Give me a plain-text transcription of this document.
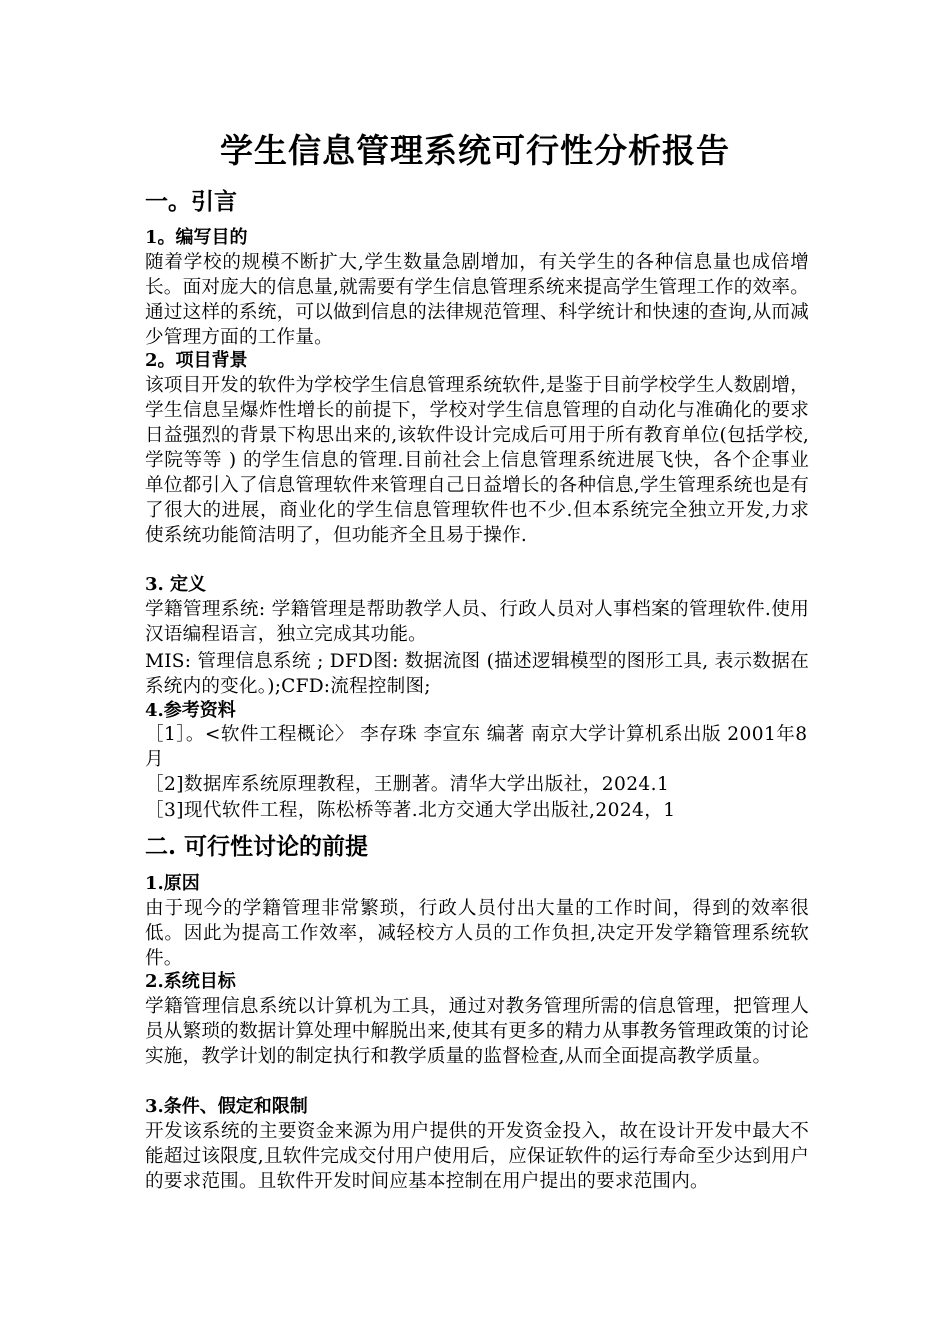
学生信息管理系统可行性分析报告
一。引言
1。编写目的

随着学校的规模不断扩大,学生数量急剧增加，有关学生的各种信息量也成倍增长。面对庞大的信息量,就需要有学生信息管理系统来提高学生管理工作的效率。通过这样的系统，可以做到信息的法律规范管理、科学统计和快速的查询,从而减少管理方面的工作量。

2。项目背景

该项目开发的软件为学校学生信息管理系统软件,是鉴于目前学校学生人数剧增，学生信息呈爆炸性增长的前提下，学校对学生信息管理的自动化与准确化的要求日益强烈的背景下构思出来的,该软件设计完成后可用于所有教育单位(包括学校,学院等等 ) 的学生信息的管理.目前社会上信息管理系统进展飞快，各个企事业单位都引入了信息管理软件来管理自己日益增长的各种信息,学生管理系统也是有了很大的进展，商业化的学生信息管理软件也不少.但本系统完全独立开发,力求使系统功能简洁明了，但功能齐全且易于操作.

3. 定义

学籍管理系统: 学籍管理是帮助教学人员、行政人员对人事档案的管理软件.使用汉语编程语言，独立完成其功能。

MIS: 管理信息系统 ; DFD图: 数据流图 (描述逻辑模型的图形工具, 表示数据在系统内的变化。);CFD:流程控制图;

4.参考资料

［1］。<软件工程概论〉 李存珠 李宣东 编著 南京大学计算机系出版 2001年8月

［2]数据库系统原理教程，王删著。清华大学出版社，2024.1

［3]现代软件工程，陈松桥等著.北方交通大学出版社,2024，1

二. 可行性讨论的前提
1.原因

由于现今的学籍管理非常繁琐，行政人员付出大量的工作时间，得到的效率很低。因此为提高工作效率，减轻校方人员的工作负担,决定开发学籍管理系统软件。

2.系统目标

学籍管理信息系统以计算机为工具，通过对教务管理所需的信息管理，把管理人员从繁琐的数据计算处理中解脱出来,使其有更多的精力从事教务管理政策的讨论实施，教学计划的制定执行和教学质量的监督检查,从而全面提高教学质量。

3.条件、假定和限制

开发该系统的主要资金来源为用户提供的开发资金投入，故在设计开发中最大不能超过该限度,且软件完成交付用户使用后，应保证软件的运行寿命至少达到用户的要求范围。且软件开发时间应基本控制在用户提出的要求范围内。
